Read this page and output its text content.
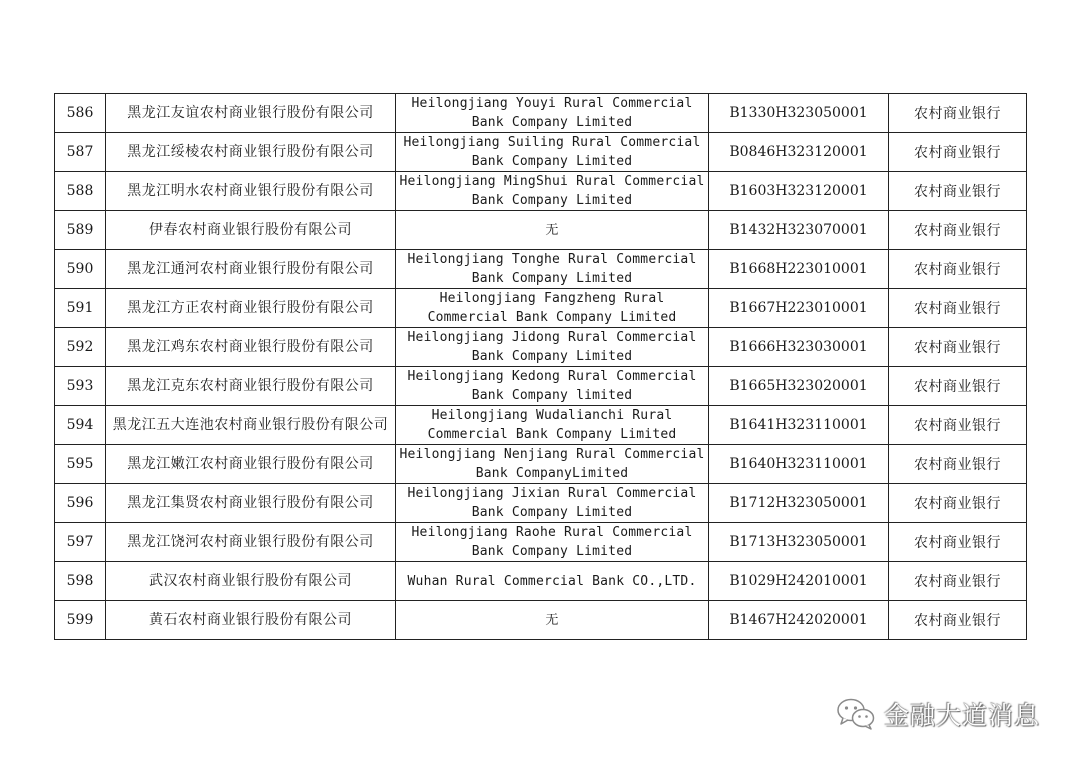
586	黑龙江友谊农村商业银行股份有限公司	Heilongjiang Youyi Rural Commercial Bank Company Limited	B1330H323050001	农村商业银行
587	黑龙江绥棱农村商业银行股份有限公司	Heilongjiang Suiling Rural Commercial Bank Company Limited	B0846H323120001	农村商业银行
588	黑龙江明水农村商业银行股份有限公司	Heilongjiang MingShui Rural Commercial Bank Company Limited	B1603H323120001	农村商业银行
589	伊春农村商业银行股份有限公司	无	B1432H323070001	农村商业银行
590	黑龙江通河农村商业银行股份有限公司	Heilongjiang Tonghe Rural Commercial Bank Company Limited	B1668H223010001	农村商业银行
591	黑龙江方正农村商业银行股份有限公司	Heilongjiang Fangzheng Rural Commercial Bank Company Limited	B1667H223010001	农村商业银行
592	黑龙江鸡东农村商业银行股份有限公司	Heilongjiang Jidong Rural Commercial Bank Company Limited	B1666H323030001	农村商业银行
593	黑龙江克东农村商业银行股份有限公司	Heilongjiang Kedong Rural Commercial Bank Company limited	B1665H323020001	农村商业银行
594	黑龙江五大连池农村商业银行股份有限公司	Heilongjiang Wudalianchi Rural Commercial Bank Company Limited	B1641H323110001	农村商业银行
595	黑龙江嫩江农村商业银行股份有限公司	Heilongjiang Nenjiang Rural Commercial Bank CompanyLimited	B1640H323110001	农村商业银行
596	黑龙江集贤农村商业银行股份有限公司	Heilongjiang Jixian Rural Commercial Bank Company Limited	B1712H323050001	农村商业银行
597	黑龙江饶河农村商业银行股份有限公司	Heilongjiang Raohe Rural Commercial Bank Company Limited	B1713H323050001	农村商业银行
598	武汉农村商业银行股份有限公司	Wuhan Rural Commercial Bank CO.,LTD.	B1029H242010001	农村商业银行
599	黄石农村商业银行股份有限公司	无	B1467H242020001	农村商业银行
金融大道消息
